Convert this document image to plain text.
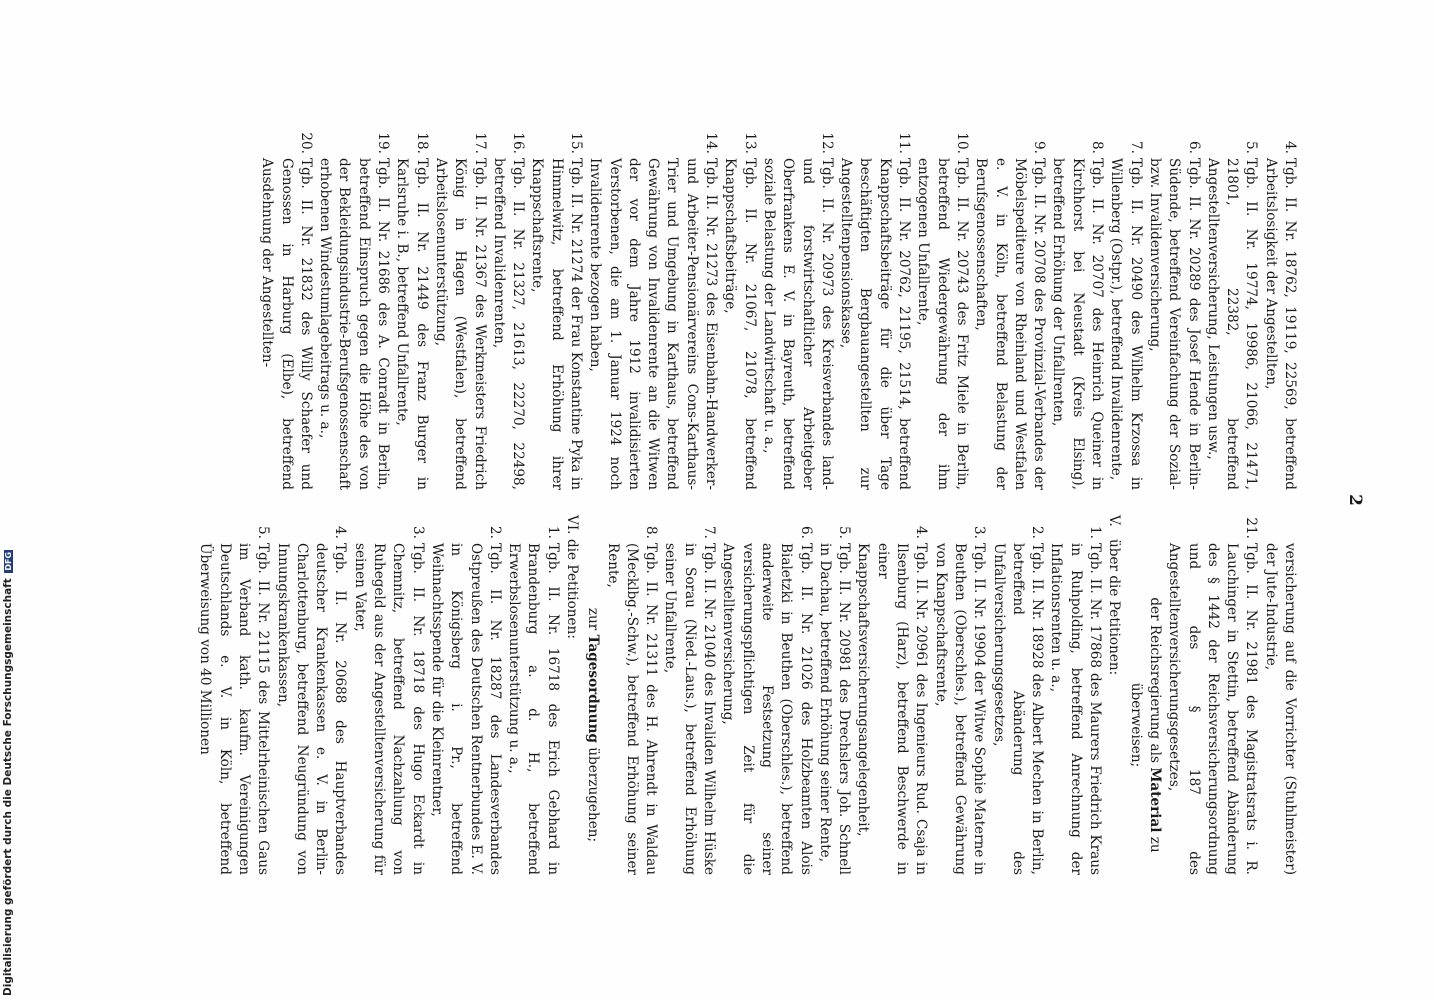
2

4.
Tgb. II. Nr. 18762, 19119, 22569, betreffend Arbeitslosigkeit der Angestellten,

5.
Tgb. II. Nr. 19774, 19986, 21066, 21471, 21801, 22382, betreffend Angestelltenversicherung, Leistungen usw.,

6.
Tgb. II. Nr. 20289 des Josef Hende in Berlin-Südende, betreffend Vereinfachung der Sozial- bzw. Invalidenversicherung,

7.
Tgb. II. Nr. 20490 des Wilhelm Krzossa in Willenberg (Ostpr.), betreffend Invalidenrente,

8.
Tgb. II. Nr. 20707 des Heinrich Queiner in Kirchhorst bei Neustadt (Kreis Elsing), betreffend Erhöhung der Unfallrenten,

9.
Tgb. II. Nr. 20708 des Provinzial-Verbandes der Möbelspediteure von Rheinland und Westfalen e. V. in Köln, betreffend Belastung der Berufsgenossenschaften,

10.
Tgb. II. Nr. 20743 des Fritz Miele in Berlin, betreffend Wiedergewährung der ihm entzogenen Unfallrente,

11.
Tgb. II. Nr. 20762, 21195, 21514, betreffend Knappschaftsbeiträge für die über Tage beschäftigten Bergbauangestellten zur Angestelltenpensionskasse,

12.
Tgb. II. Nr. 20973 des Kreisverbandes land- und forstwirtschaftlicher Arbeitgeber Oberfrankens E. V. in Bayreuth, betreffend soziale Belastung der Landwirtschaft u. a.,

13.
Tgb. II. Nr. 21067, 21078, betreffend Knappschaftsbeiträge,

14.
Tgb. II. Nr. 21273 des Eisenbahn-Handwerker- und Arbeiter-Pensionärvereins Cons-Karthaus-Trier und Umgebung in Karthaus, betreffend Gewährung von Invalidenrente an die Witwen der vor dem Jahre 1912 invalidisierten Verstorbenen, die am 1. Januar 1924 noch Invalidenrente bezogen haben,

15.
Tgb. II. Nr. 21274 der Frau Konstantine Pyka in Himmelwitz, betreffend Erhöhung ihrer Knappschaftsrente,

16.
Tgb. II. Nr. 21327, 21613, 22270, 22498, betreffend Invalidenrenten,

17.
Tgb. II. Nr. 21367 des Werkmeisters Friedrich König in Hagen (Westfalen), betreffend Arbeitslosenunterstützung,

18.
Tgb. II. Nr. 21449 des Franz Burger in Karlsruhe i. B., betreffend Unfallrente,

19.
Tgb. II. Nr. 21686 des A. Conradt in Berlin, betreffend Einspruch gegen die Höhe des von der Bekleidungsindustrie-Berufsgenossenschaft erhobenen Windestumlagebeitrags u. a.,

20.
Tgb. II. Nr. 21832 des Willy Schaefer und Genossen in Harburg (Elbe), betreffend Ausdehnung der Angestellten-

versicherung auf die Vorrichter (Stuhlmeister) der Jute-Industrie,

21.
Tgb. II. Nr. 21981 des Magistratsrats i. R. Lauchinger in Stettin, betreffend Abänderung des § 1442 der Reichsversicherungsordnung und des § 187 des Angestelltenversicherungsgesetzes,

der Reichsregierung als Material zu überweisen;

V.über die Petitionen:

1.
Tgb. II. Nr. 17868 des Maurers Friedrich Kraus in Ruhpolding, betreffend Anrechnung der Inflationsrenten u. a.,

2.
Tgb. II. Nr. 18928 des Albert Mechen in Berlin, betreffend Abänderung des Unfallversicherungsgesetzes,

3.
Tgb. II. Nr. 19904 der Witwe Sophie Materne in Beuthen (Oberschles.), betreffend Gewährung von Knappschaftsrente,

4.
Tgb. II. Nr. 20961 des Ingenieurs Rud. Csaja in Ilsenburg (Harz), betreffend Beschwerde in einer Knappschaftsversicherungsangelegenheit,

5.
Tgb. II. Nr. 20981 des Drechslers Joh. Schnell in Dachau, betreffend Erhöhung seiner Rente,

6.
Tgb. II. Nr. 21026 des Holzbeamten Alois Bialetzki in Beuthen (Oberschles.), betreffend anderweite Festsetzung seiner versicherungspflichtigen Zeit für die Angestelltenversicherung,

7.
Tgb. II. Nr. 21040 des Invaliden Wilhelm Hüske in Sorau (Nied.-Laus.), betreffend Erhöhung seiner Unfallrente,

8.
Tgb. II. Nr. 21311 des H. Ahrendt in Waldau (Mecklbg.-Schw.), betreffend Erhöhung seiner Rente,

zur Tagesordnung überzugehen;

VI.die Petitionen:

1.
Tgb. II. Nr. 16718 des Erich Gebhard in Brandenburg a. d. H., betreffend Erwerbslosenunterstützung u. a.,

2.
Tgb. II. Nr. 18287 des Landesverbandes Ostpreußen des Deutschen Rentnerbundes E. V. in Königsberg i. Pr., betreffend Weihnachtsspende für die Kleinrentner,

3.
Tgb. II. Nr. 18718 des Hugo Eckardt in Chemnitz, betreffend Nachzahlung von Ruhegeld aus der Angestelltenversicherung für seinen Vater,

4.
Tgb. II. Nr. 20688 des Hauptverbandes deutscher Krankenkassen e. V. in Berlin-Charlottenburg, betreffend Neugründung von Innungskrankenkassen,

5.
Tgb. II. Nr. 21115 des Mittelrheinischen Gaus im Verband kath. kaufm. Vereinigungen Deutschlands e. V. in Köln, betreffend Überweisung von 40 Millionen

Digitalisierung gefördert durch die Deutsche Forschungsgemeinschaft DFG
